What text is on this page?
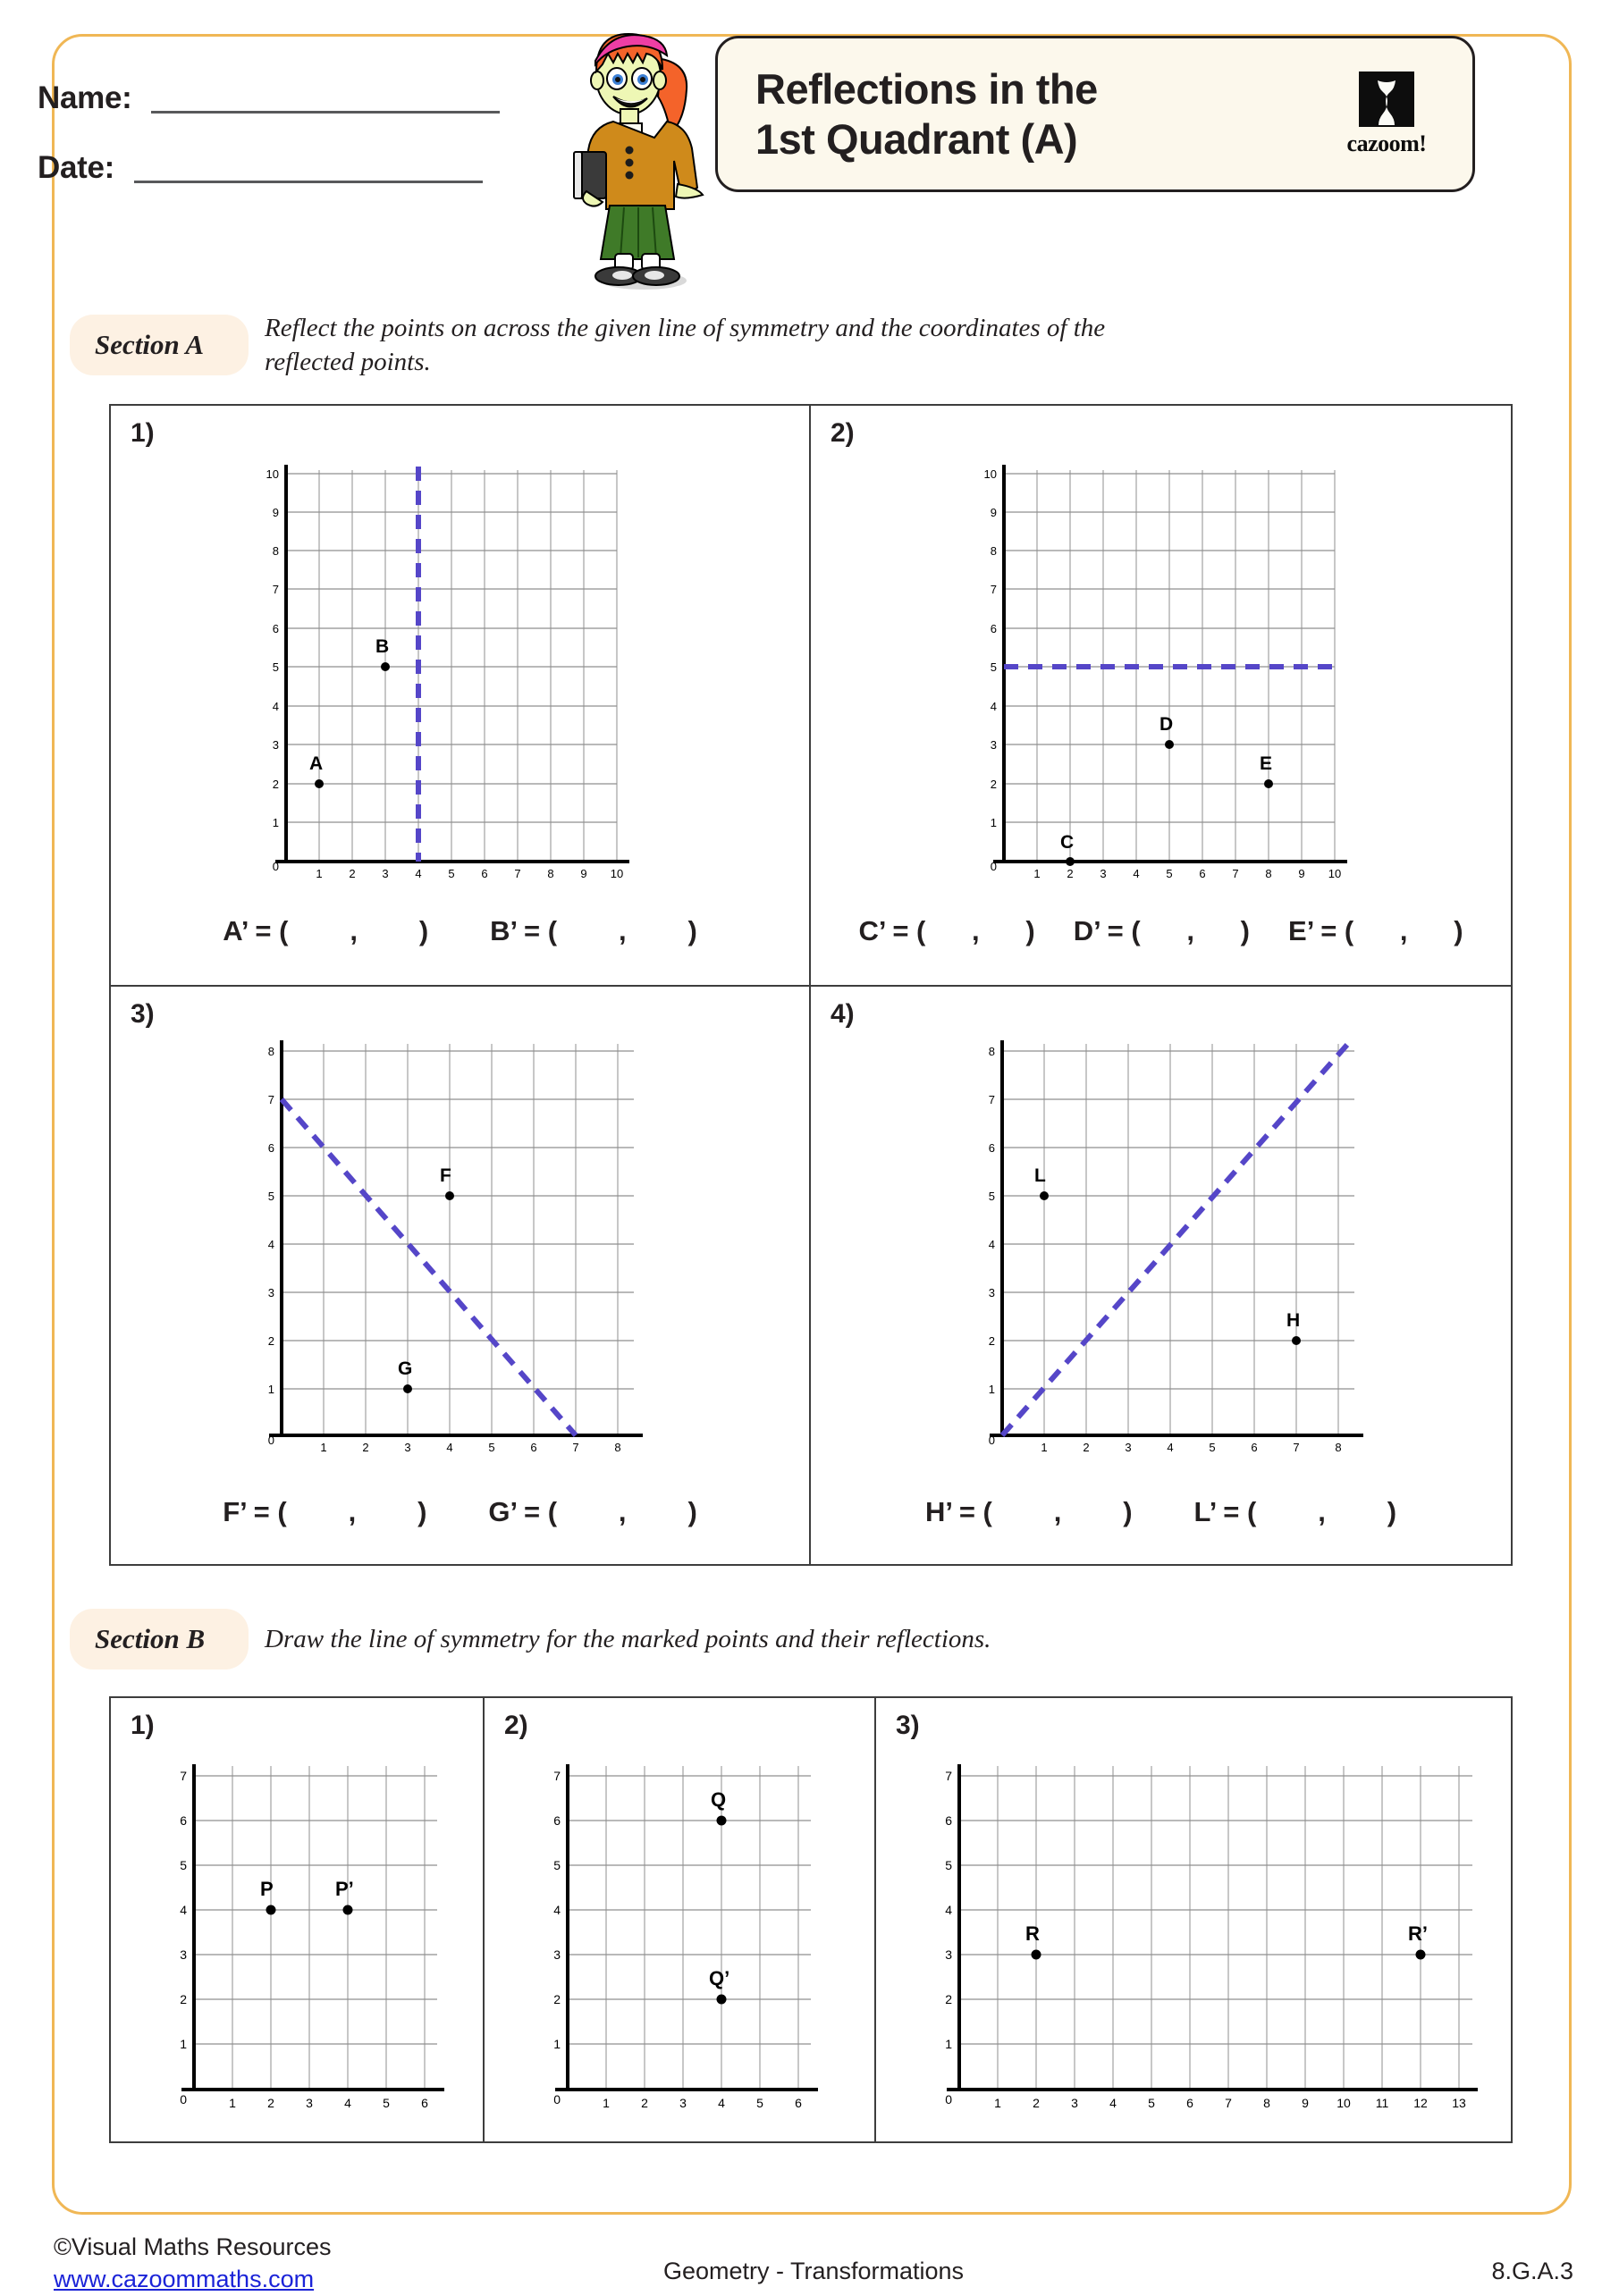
Name:
Date:
Reflections in the
1st Quadrant (A)	cazoom!
Section A
Reflect the points on across the given line of symmetry and the coordinates of the reflected points.
1)
10
9
8
7
6
5
4
3
2
1
0
1 2 3 4 5 6 7 8 9 10
A
B
A’ = (        ,        )        B’ = (        ,        )
2)
10
9
8
7
6
5
4
3
2
1
0
1 2 3 4 5 6 7 8 9 10
C
D
E
C’ = (      ,      )     D’ = (      ,      )     E’ = (      ,      )
3)
8
7
6
5
4
3
2
1
0
1	2	3	4	5	6	7	8
F
G
F’ = (        ,        )        G’ = (        ,        )
4)
8
7
6
5
4
3
2
1
0
1	2	3	4	5	6	7	8
L
H
H’ = (        ,        )        L’ = (        ,        )
Section B	Draw the line of symmetry for the marked points and their reflections.
1)
7
6
5
4
3
2
1
0	1	2	3	4	5	6
P	P’
2)
7
6
5
4
3
2
1
0	1	2	3	4	5	6
Q
Q’
3)
7
6
5
4
3
2
1
0	1	2	3	4	5	6	7	8	9 10 11 12 13
R	R’
©Visual Maths Resources
www.cazoommaths.com	Geometry - Transformations	8.G.A.3
